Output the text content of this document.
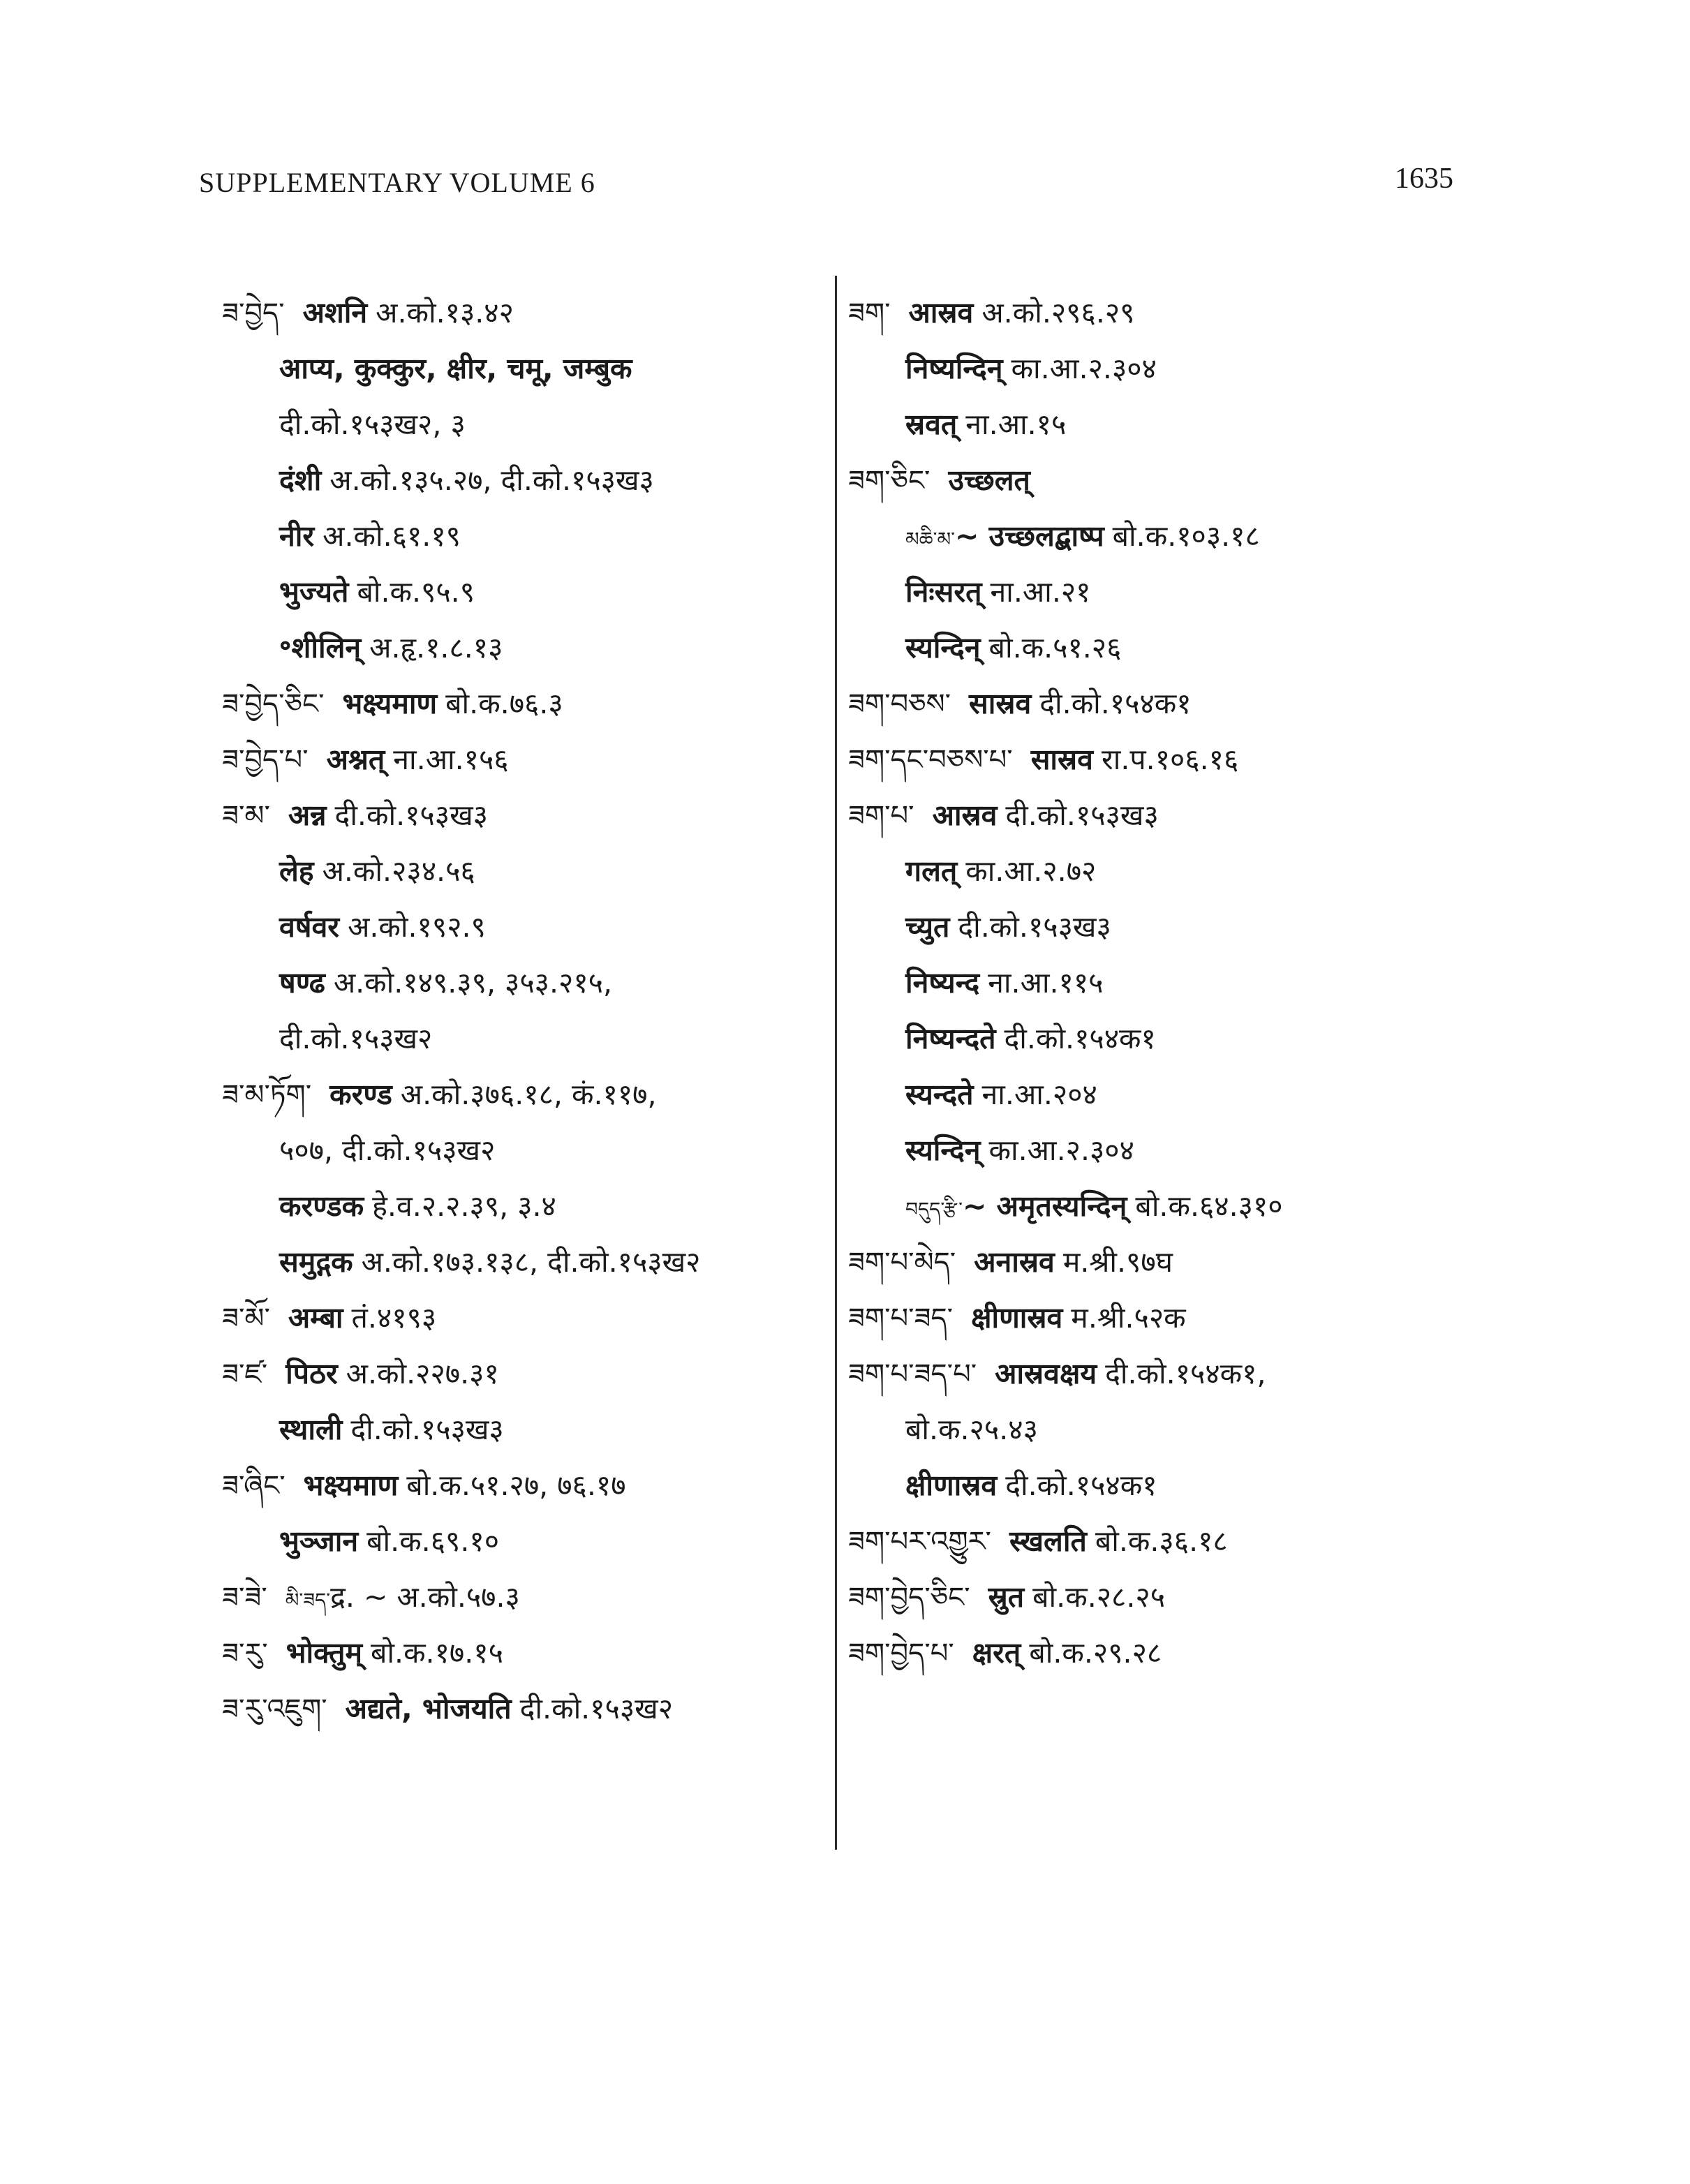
SUPPLEMENTARY VOLUME 6	1635
ཟ་བྱེད་ अशनि अ.को.१३.४२
आप्य, कुक्कुर, क्षीर, चमू, जम्बुक
दी.को.१५३ख२, ३
दंशी अ.को.१३५.२७, दी.को.१५३ख३
नीर अ.को.६१.१९
भुज्यते बो.क.९५.९
॰शीलिन् अ.हृ.१.८.१३
ཟ་བྱེད་ཅིང་ भक्ष्यमाण बो.क.७६.३
ཟ་བྱེད་པ་ अश्नत् ना.आ.१५६
ཟ་མ་ अन्न दी.को.१५३ख३
लेह अ.को.२३४.५६
वर्षवर अ.को.१९२.९
षण्ढ अ.को.१४९.३९, ३५३.२१५,
दी.को.१५३ख२
ཟ་མ་ཏོག་ करण्ड अ.को.३७६.१८, कं.११७,
५०७, दी.को.१५३ख२
करण्डक हे.व.२.२.३९, ३.४
समुद्गक अ.को.१७३.१३८, दी.को.१५३ख२
ཟ་མོ་ अम्बा तं.४१९३
ཟ་ཛ་ पिठर अ.को.२२७.३१
स्थाली दी.को.१५३ख३
ཟ་ཞིང་ भक्ष्यमाण बो.क.५१.२७, ७६.१७
भुञ्जान बो.क.६९.१०
ཟ་ཟེ་ མི་ཟད་द्र. ~ अ.को.५७.३
ཟ་རུ་ भोक्तुम् बो.क.१७.१५
ཟ་རུ་འཇུག་ अद्यते, भोजयति दी.को.१५३ख२
ཟག་ आस्रव अ.को.२९६.२९
निष्यन्दिन् का.आ.२.३०४
स्रवत् ना.आ.१५
ཟག་ཅིང་ उच्छलत्
མཆི་མ་~ उच्छलद्बाष्प बो.क.१०३.१८
निःसरत् ना.आ.२१
स्यन्दिन् बो.क.५१.२६
ཟག་བཅས་ सास्रव दी.को.१५४क१
ཟག་དང་བཅས་པ་ सास्रव रा.प.१०६.१६
ཟག་པ་ आस्रव दी.को.१५३ख३
गलत् का.आ.२.७२
च्युत दी.को.१५३ख३
निष्यन्द ना.आ.११५
निष्यन्दते दी.को.१५४क१
स्यन्दते ना.आ.२०४
स्यन्दिन् का.आ.२.३०४
བདུད་རྩི་~ अमृतस्यन्दिन् बो.क.६४.३१०
ཟག་པ་མེད་ अनास्रव म.श्री.९७घ
ཟག་པ་ཟད་ क्षीणास्रव म.श्री.५२क
ཟག་པ་ཟད་པ་ आस्रवक्षय दी.को.१५४क१,
बो.क.२५.४३
क्षीणास्रव दी.को.१५४क१
ཟག་པར་འགྱུར་ स्खलति बो.क.३६.१८
ཟག་བྱེད་ཅིང་ स्रुत बो.क.२८.२५
ཟག་བྱེད་པ་ क्षरत् बो.क.२९.२८
